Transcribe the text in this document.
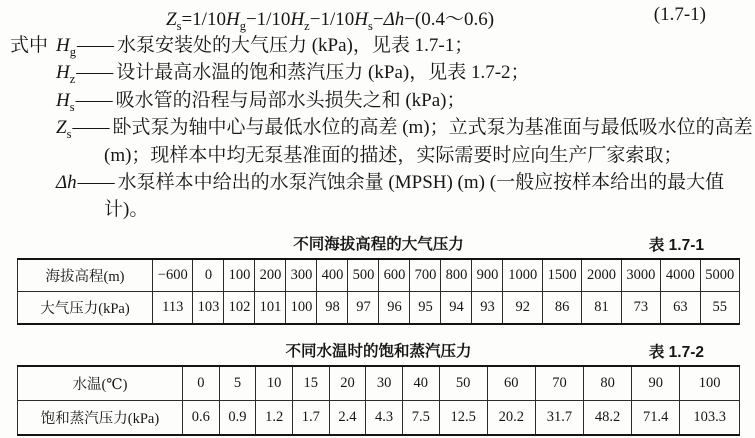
$Z_s=1/10H_g-1/10H_z-1/10H_s-\Delta h-(0.4\sim 0.6)$	(1.7-1)
式中 $H_g——$ 水泵安装处的大气压力 (kPa)，见表 1.7-1；
$H_z——$ 设计最高水温的饱和蒸汽压力 (kPa)，见表 1.7-2；
$H_s——$ 吸水管的沿程与局部水头损失之和 (kPa)；
$Z_s——$ 卧式泵为轴中心与最低水位的高差 (m)；立式泵为基准面与最低吸水位的高差 (m)；现样本中均无泵基准面的描述，实际需要时应向生产厂家索取；
Δh—— 水泵样本中给出的水泵汽蚀余量 (MPSH) (m) (一般应按样本给出的最大值计)。
不同海拔高程的大气压力	表 1.7-1
海拔高程(m)	−600	0	100	200	300	400	500	600	700	800	900	1000	1500	2000	3000	4000	5000
大气压力(kPa)	113	103	102	101	100	98	97	96	95	94	93	92	86	81	73	63	55
不同水温时的饱和蒸汽压力	表 1.7-2
水温(℃)	0	5	10	15	20	30	40	50	60	70	80	90	100
饱和蒸汽压力(kPa)	0.6	0.9	1.2	1.7	2.4	4.3	7.5	12.5	20.2	31.7	48.2	71.4	103.3
